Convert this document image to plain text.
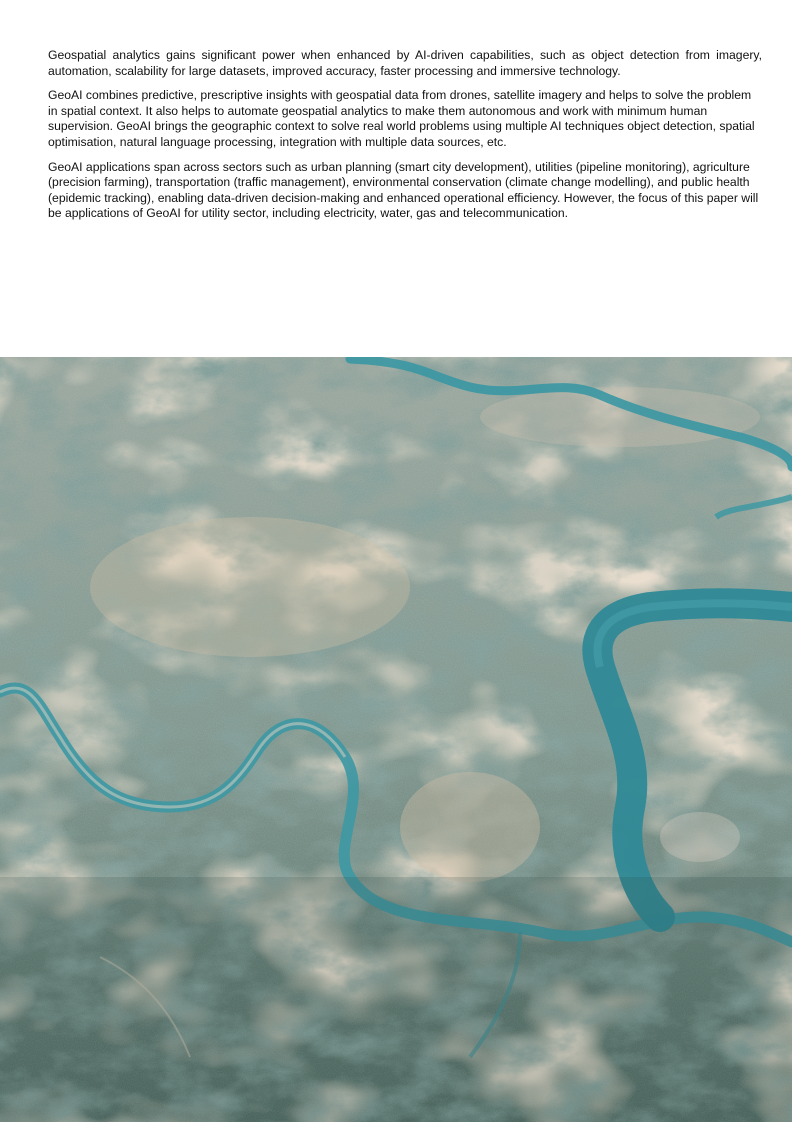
Geospatial analytics gains significant power when enhanced by AI-driven capabilities, such as object detection from imagery, automation, scalability for large datasets, improved accuracy, faster processing and immersive technology.

GeoAI combines predictive, prescriptive insights with geospatial data from drones, satellite imagery and helps to solve the problem in spatial context. It also helps to automate geospatial analytics to make them autonomous and work with minimum human supervision. GeoAI brings the geographic context to solve real world problems using multiple AI techniques object detection, spatial optimisation, natural language processing, integration with multiple data sources, etc.

GeoAI applications span across sectors such as urban planning (smart city development), utilities (pipeline monitoring), agriculture (precision farming), transportation (traffic management), environmental conservation (climate change modelling), and public health (epidemic tracking), enabling data-driven decision-making and enhanced operational efficiency. However, the focus of this paper will be applications of GeoAI for utility sector, including electricity, water, gas and telecommunication.
